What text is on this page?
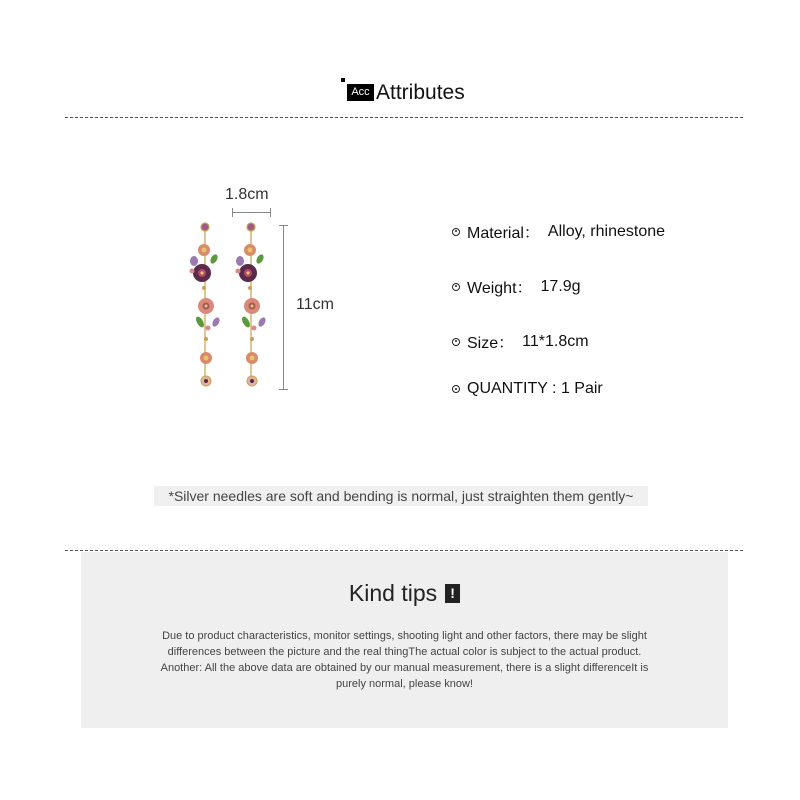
Acc Attributes
1.8cm
11cm
Material： Alloy, rhinestone
Weight： 17.9g
Size： 11*1.8cm
QUANTITY : 1 Pair
*Silver needles are soft and bending is normal, just straighten them gently~
Kind tips !
Due to product characteristics, monitor settings, shooting light and other factors, there may be slight
differences between the picture and the real thingThe actual color is subject to the actual product.
Another: All the above data are obtained by our manual measurement, there is a slight differenceIt is
purely normal, please know!
